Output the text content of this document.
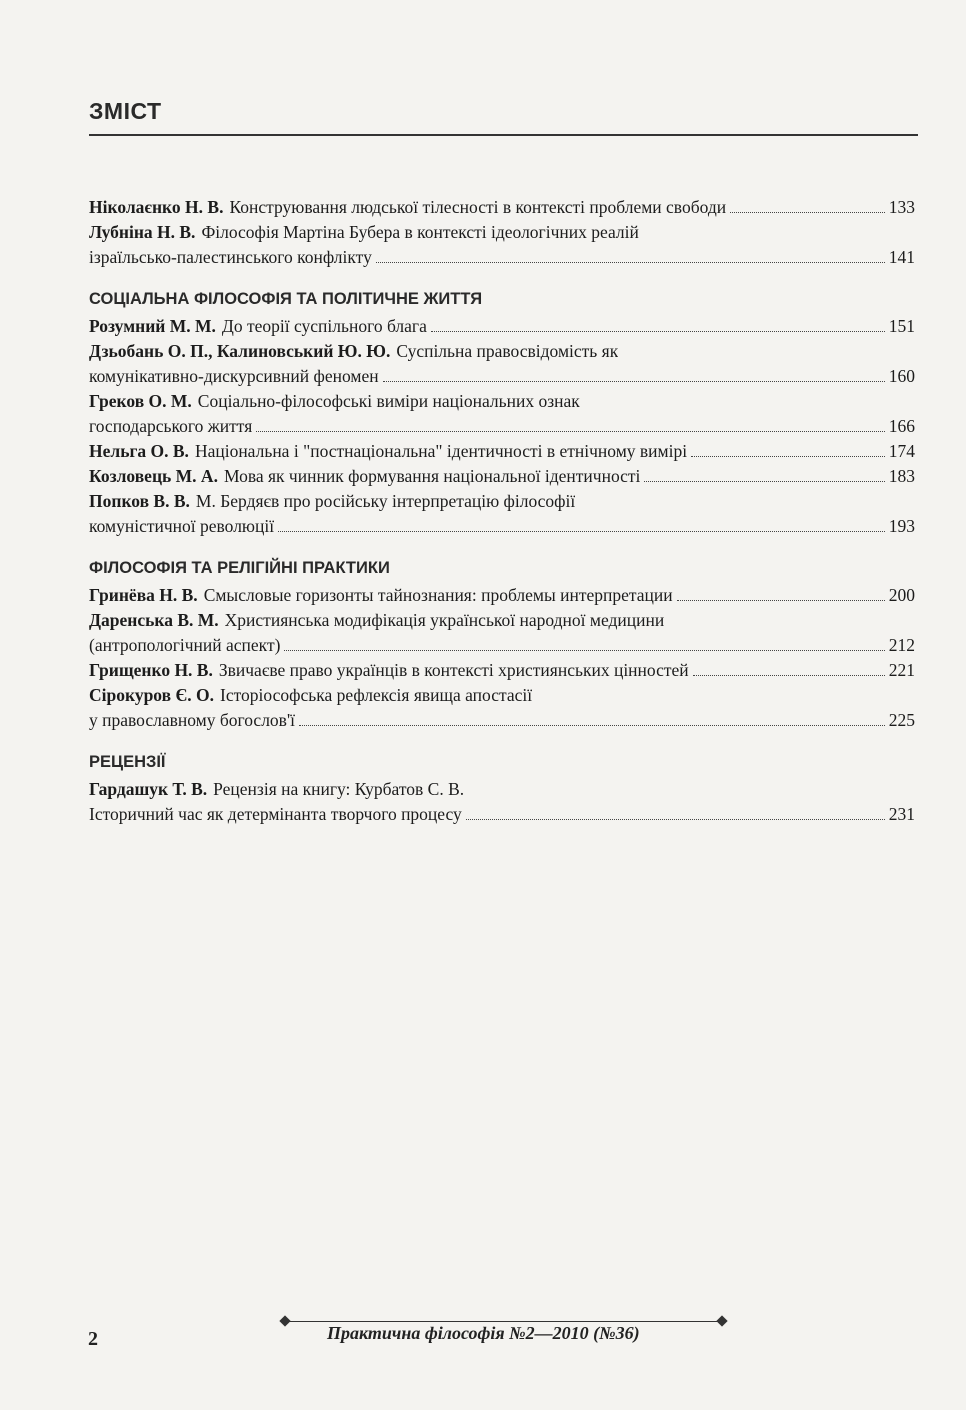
ЗМІСТ
Ніколаєнко Н. В. Конструювання людської тілесності в контексті проблеми свободи	133
Лубніна Н. В. Філософія Мартіна Бубера в контексті ідеологічних реалій
ізраїльсько-палестинського конфлікту	141
СОЦІАЛЬНА ФІЛОСОФІЯ ТА ПОЛІТИЧНЕ ЖИТТЯ
Розумний М. М. До теорії суспільного блага	151
Дзьобань О. П., Калиновський Ю. Ю. Суспільна правосвідомість як
комунікативно-дискурсивний феномен	160
Греков О. М. Соціально-філософські виміри національних ознак
господарського життя	166
Нельга О. В. Національна і "постнаціональна" ідентичності в етнічному вимірі	174
Козловець М. А. Мова як чинник формування національної ідентичності	183
Попков В. В. М. Бердяєв про російську інтерпретацію філософії
комуністичної революції	193
ФІЛОСОФІЯ ТА РЕЛІГІЙНІ ПРАКТИКИ
Гринёва Н. В. Смысловые горизонты тайнознания: проблемы интерпретации	200
Даренська В. М. Християнська модифікація української народної медицини
(антропологічний аспект)	212
Грищенко Н. В. Звичаєве право українців в контексті християнських цінностей	221
Сірокуров Є. О. Історіософська рефлексія явища апостасії
у православному богослов'ї	225
РЕЦЕНЗІЇ
Гардашук Т. В. Рецензія на книгу: Курбатов С. В.
Історичний час як детермінанта творчого процесу	231
2	Практична філософія №2—2010 (№36)
